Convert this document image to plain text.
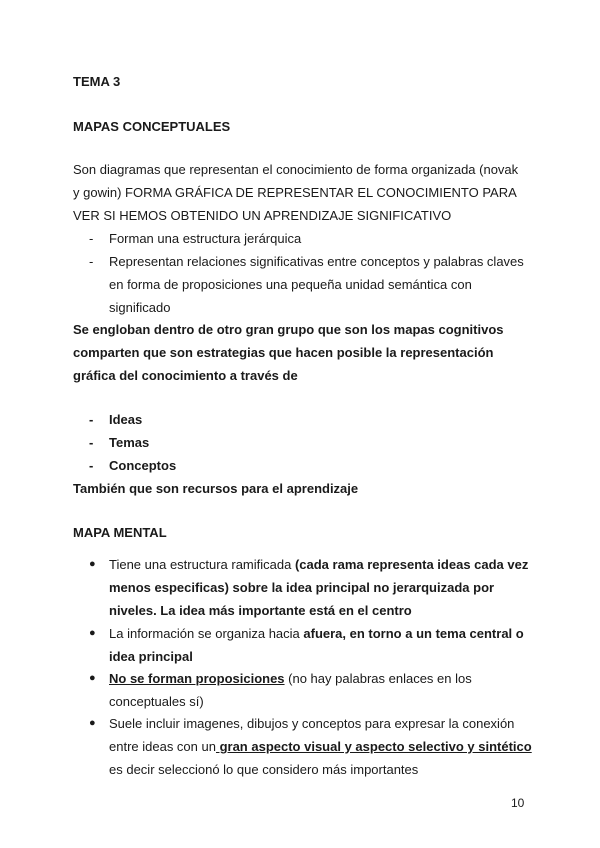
TEMA 3
MAPAS CONCEPTUALES
Son diagramas que representan el conocimiento de forma organizada (novak
y gowin) FORMA GRÁFICA DE REPRESENTAR EL CONOCIMIENTO PARA
VER SI HEMOS OBTENIDO UN APRENDIZAJE SIGNIFICATIVO
-	Forman una estructura jerárquica
-	Representan relaciones significativas entre conceptos y palabras claves en forma de proposiciones una pequeña unidad semántica con significado
Se engloban dentro de otro gran grupo que son los mapas cognitivos comparten que son estrategias que hacen posible la representación gráfica del conocimiento a través de
-	Ideas
-	Temas
-	Conceptos
También que son recursos para el aprendizaje
MAPA MENTAL
●	Tiene una estructura ramificada (cada rama representa ideas cada vez menos especificas) sobre la idea principal no jerarquizada por niveles. La idea más importante está en el centro
●	La información se organiza hacia afuera, en torno a un tema central o idea principal
●	No se forman proposiciones (no hay palabras enlaces en los conceptuales sí)
●	Suele incluir imagenes, dibujos y conceptos para expresar la conexión entre ideas con un gran aspecto visual y aspecto selectivo y sintético es decir seleccionó lo que considero más importantes
10
